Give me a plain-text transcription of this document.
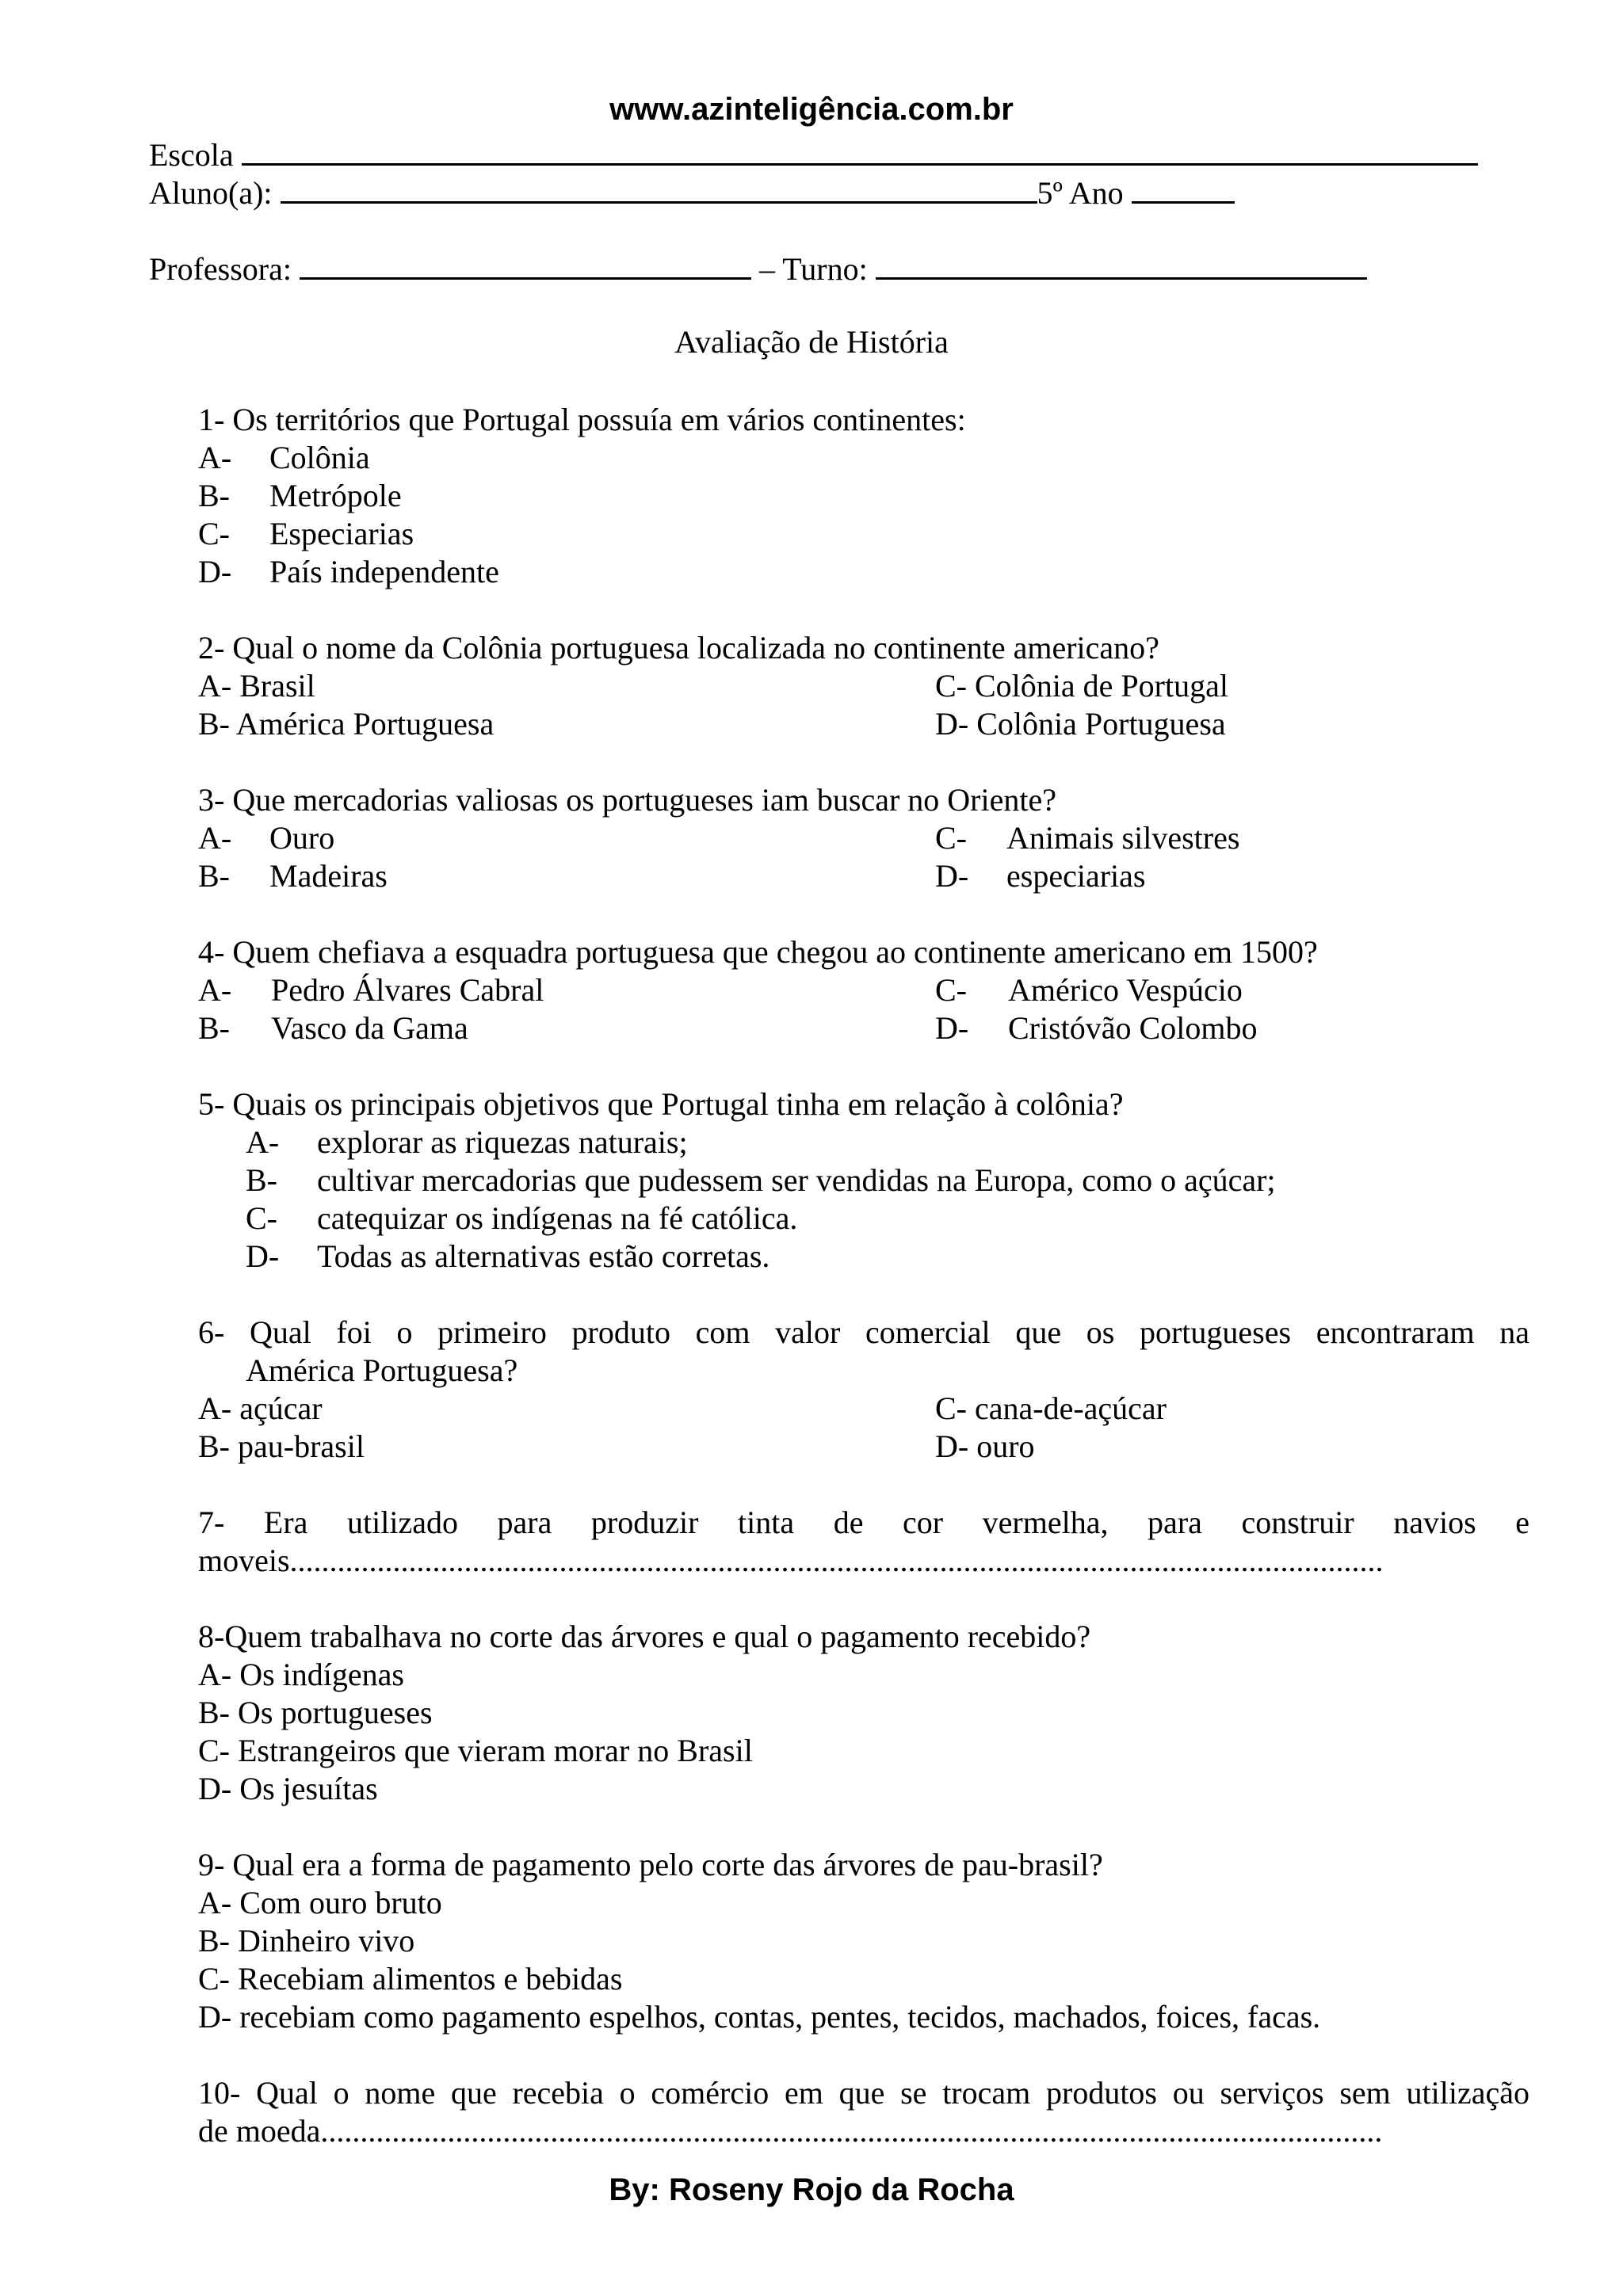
www.azinteligência.com.br
Escola
Aluno(a):	5º Ano
Professora:	– Turno:
Avaliação de História
1- Os territórios que Portugal possuía em vários continentes:
A- Colônia
B- Metrópole
C- Especiarias
D- País independente
2- Qual o nome da Colônia portuguesa localizada no continente americano?
A- Brasil	C- Colônia de Portugal
B- América Portuguesa	D- Colônia Portuguesa
3- Que mercadorias valiosas os portugueses iam buscar no Oriente?
A- Ouro	C- Animais silvestres
B- Madeiras	D- especiarias
4- Quem chefiava a esquadra portuguesa que chegou ao continente americano em 1500?
A- Pedro Álvares Cabral	C- Américo Vespúcio
B- Vasco da Gama	D- Cristóvão Colombo
5- Quais os principais objetivos que Portugal tinha em relação à colônia?
A- explorar as riquezas naturais;
B- cultivar mercadorias que pudessem ser vendidas na Europa, como o açúcar;
C- catequizar os indígenas na fé católica.
D- Todas as alternativas estão corretas.
6- Qual foi o primeiro produto com valor comercial que os portugueses encontraram na
América Portuguesa?
A- açúcar	C- cana-de-açúcar
B- pau-brasil	D- ouro
7- Era utilizado para produzir tinta de cor vermelha, para construir navios e
moveis..........................................................................................................................................
8-Quem trabalhava no corte das árvores e qual o pagamento recebido?
A- Os indígenas
B- Os portugueses
C- Estrangeiros que vieram morar no Brasil
D- Os jesuítas
9- Qual era a forma de pagamento pelo corte das árvores de pau-brasil?
A- Com ouro bruto
B- Dinheiro vivo
C- Recebiam alimentos e bebidas
D- recebiam como pagamento espelhos, contas, pentes, tecidos, machados, foices, facas.
10- Qual o nome que recebia o comércio em que se trocam produtos ou serviços sem utilização
de moeda......................................................................................................................................
By: Roseny Rojo da Rocha
